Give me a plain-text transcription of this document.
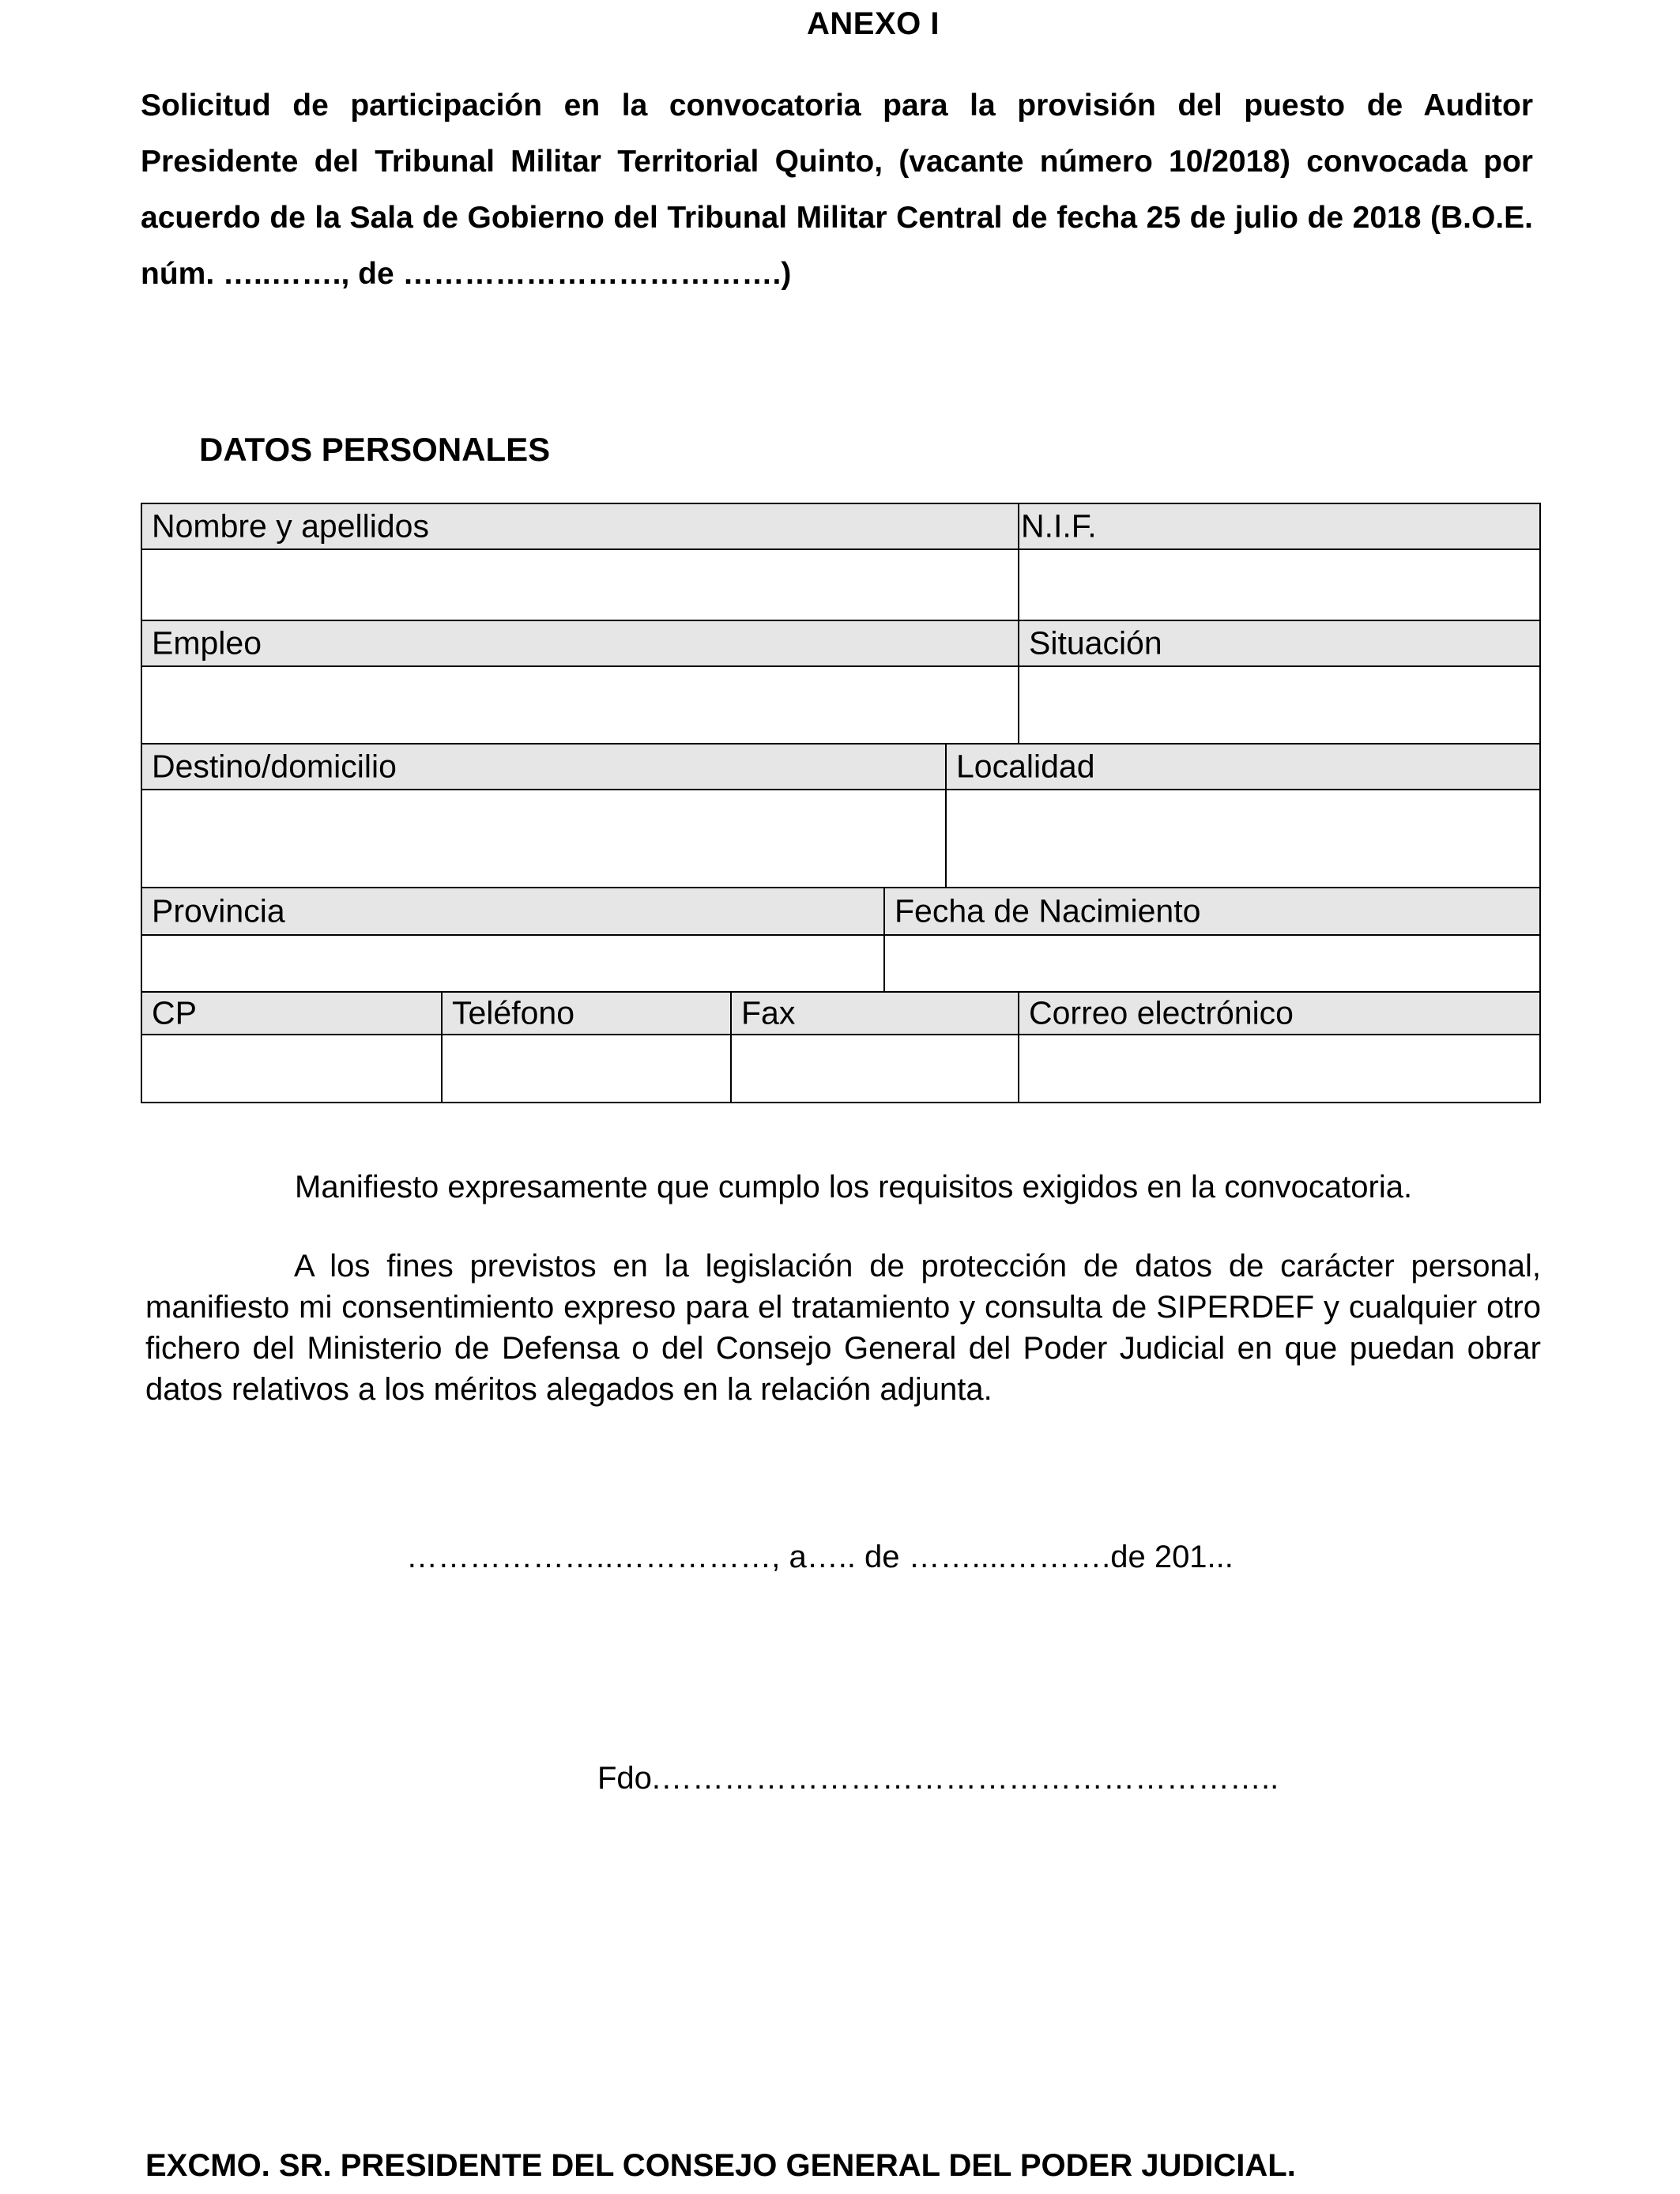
ANEXO I
Solicitud de participación en la convocatoria para la provisión del puesto de Auditor Presidente del Tribunal Militar Territorial Quinto, (vacante número 10/2018) convocada por acuerdo de la Sala de Gobierno del Tribunal Militar Central de fecha 25 de julio de 2018 (B.O.E. núm. …..……., de ……………………………….)
DATOS PERSONALES
Nombre y apellidos	N.I.F.
Empleo	Situación
Destino/domicilio	Localidad
Provincia	Fecha de Nacimiento
CP	Teléfono	Fax	Correo electrónico
Manifiesto expresamente que cumplo los requisitos exigidos en la convocatoria.
A los fines previstos en la legislación de protección de datos de carácter personal, manifiesto mi consentimiento expreso para el tratamiento y consulta de SIPERDEF y cualquier otro fichero del Ministerio de Defensa o del Consejo General del Poder Judicial en que puedan obrar datos relativos a los méritos alegados en la relación adjunta.
………………..……………, a….. de ……....……….de 201...
Fdo.…………………………………………………..
EXCMO. SR. PRESIDENTE DEL CONSEJO GENERAL DEL PODER JUDICIAL.
